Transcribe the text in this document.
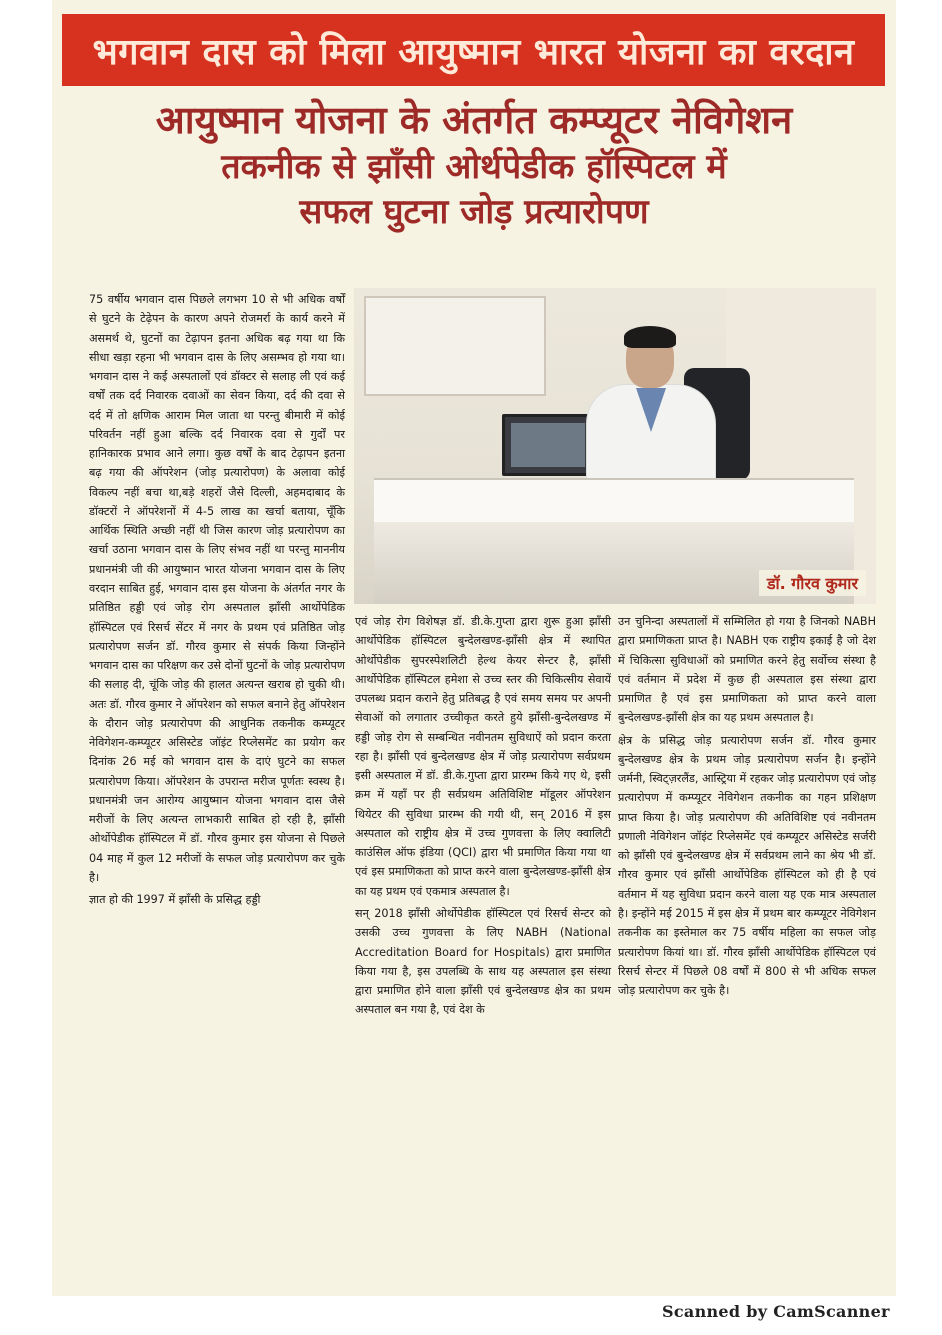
भगवान दास को मिला आयुष्मान भारत योजना का वरदान
आयुष्मान योजना के अंतर्गत कम्प्यूटर नेविगेशन
तकनीक से झाँसी ओर्थपेडीक हॉस्पिटल में
सफल घुटना जोड़ प्रत्यारोपण
डॉ. गौरव कुमार

75 वर्षीय भगवान दास पिछले लगभग 10 से भी अधिक वर्षों से घुटने के टेढ़ेपन के कारण अपने रोजमर्रा के कार्य करने में असमर्थ थे, घुटनों का टेढ़ापन इतना अधिक बढ़ गया था कि सीधा खड़ा रहना भी भगवान दास के लिए असम्भव हो गया था। भगवान दास ने कई अस्पतालों एवं डॉक्टर से सलाह ली एवं कई वर्षों तक दर्द निवारक दवाओं का सेवन किया, दर्द की दवा से दर्द में तो क्षणिक आराम मिल जाता था परन्तु बीमारी में कोई परिवर्तन नहीं हुआ बल्कि दर्द निवारक दवा से गुर्दों पर हानिकारक प्रभाव आने लगा। कुछ वर्षों के बाद टेढ़ापन इतना बढ़ गया की ऑपरेशन (जोड़ प्रत्यारोपण) के अलावा कोई विकल्प नहीं बचा था,बड़े शहरों जैसे दिल्ली, अहमदाबाद के डॉक्टरों ने ऑपरेशनों में 4-5 लाख का खर्चा बताया, चूँकि आर्थिक स्थिति अच्छी नहीं थी जिस कारण जोड़ प्रत्यारोपण का खर्चा उठाना भगवान दास के लिए संभव नहीं था परन्तु माननीय प्रधानमंत्री जी की आयुष्मान भारत योजना भगवान दास के लिए वरदान साबित हुई, भगवान दास इस योजना के अंतर्गत नगर के प्रतिष्ठित हड्डी एवं जोड़ रोग अस्पताल झाँसी आर्थोपेडिक हॉस्पिटल एवं रिसर्च सेंटर में नगर के प्रथम एवं प्रतिष्ठित जोड़ प्रत्यारोपण सर्जन डॉ. गौरव कुमार से संपर्क किया जिन्होंने भगवान दास का परिक्षण कर उसे दोनों घुटनों के जोड़ प्रत्यारोपण की सलाह दी, चूंकि जोड़ की हालत अत्यन्त खराब हो चुकी थी।अतः डॉ. गौरव कुमार ने ऑपरेशन को सफल बनाने हेतु ऑपरेशन के दौरान जोड़ प्रत्यारोपण की आधुनिक तकनीक कम्प्यूटर नेविगेशन-कम्प्यूटर असिस्टेड जॉइंट रिप्लेसमेंट का प्रयोग कर दिनांक 26 मई को भगवान दास के दाएं घुटने का सफल प्रत्यारोपण किया। ऑपरेशन के उपरान्त मरीज पूर्णतः स्वस्थ है। प्रधानमंत्री जन आरोग्य आयुष्मान योजना भगवान दास जैसे मरीजों के लिए अत्यन्त लाभकारी साबित हो रही है, झाँसी ओर्थोपेडीक हॉस्पिटल में डॉ. गौरव कुमार इस योजना से पिछले 04 माह में कुल 12 मरीजों के सफल जोड़ प्रत्यारोपण कर चुके है।

ज्ञात हो की 1997 में झाँसी के प्रसिद्ध हड्डी

एवं जोड़ रोग विशेषज्ञ डॉ. डी.के.गुप्ता द्वारा शुरू हुआ झाँसी आर्थोपेडिक हॉस्पिटल बुन्देलखण्ड-झाँसी क्षेत्र में स्थापित ओर्थोपेडीक सुपरस्पेशलिटी हेल्थ केयर सेन्टर है, झाँसी आर्थोपेडिक हॉस्पिटल हमेशा से उच्च स्तर की चिकित्सीय सेवायें उपलब्ध प्रदान कराने हेतु प्रतिबद्ध है एवं समय समय पर अपनी सेवाओं को लगातार उच्चीकृत करते हुये झाँसी-बुन्देलखण्ड में हड्डी जोड़ रोग से सम्बन्धित नवीनतम सुविधाऐं को प्रदान करता रहा है। झाँसी एवं बुन्देलखण्ड क्षेत्र में जोड़ प्रत्यारोपण सर्वप्रथम इसी अस्पताल में डॉ. डी.के.गुप्ता द्वारा प्रारम्भ किये गए थे, इसी क्रम में यहाँ पर ही सर्वप्रथम अतिविशिष्ट मॉडूलर ऑपरेशन थियेटर की सुविधा प्रारम्भ की गयी थी, सन् 2016 में इस अस्पताल को राष्ट्रीय क्षेत्र में उच्च गुणवत्ता के लिए क्वालिटी काउंसिल ऑफ इंडिया (QCI) द्वारा भी प्रमाणित किया गया था एवं इस प्रमाणिकता को प्राप्त करने वाला बुन्देलखण्ड-झाँसी क्षेत्र का यह प्रथम एवं एकमात्र अस्पताल है।

सन् 2018 झाँसी ओर्थोपेडीक हॉस्पिटल एवं रिसर्च सेन्टर को उसकी उच्च गुणवत्ता के लिए NABH (National Accreditation Board for Hospitals) द्वारा प्रमाणित किया गया है, इस उपलब्धि के साथ यह अस्पताल इस संस्था द्वारा प्रमाणित होने वाला झाँसी एवं बुन्देलखण्ड क्षेत्र का प्रथम अस्पताल बन गया है, एवं देश के

उन चुनिन्दा अस्पतालों में सम्मिलित हो गया है जिनको NABH द्वारा प्रमाणिकता प्राप्त है। NABH एक राष्ट्रीय इकाई है जो देश में चिकित्सा सुविधाओं को प्रमाणित करने हेतु सर्वोच्च संस्था है एवं वर्तमान में प्रदेश में कुछ ही अस्पताल इस संस्था द्वारा प्रमाणित है एवं इस प्रमाणिकता को प्राप्त करने वाला बुन्देलखण्ड-झाँसी क्षेत्र का यह प्रथम अस्पताल है।

क्षेत्र के प्रसिद्ध जोड़ प्रत्यारोपण सर्जन डॉ. गौरव कुमार बुन्देलखण्ड क्षेत्र के प्रथम जोड़ प्रत्यारोपण सर्जन है। इन्होंने जर्मनी, स्विट्ज़रलैंड, आस्ट्रिया में रहकर जोड़ प्रत्यारोपण एवं जोड़ प्रत्यारोपण में कम्प्यूटर नेविगेशन तकनीक का गहन प्रशिक्षण प्राप्त किया है। जोड़ प्रत्यारोपण की अतिविशिष्ट एवं नवीनतम प्रणाली नेविगेशन जॉइंट रिप्लेसमेंट एवं कम्प्यूटर असिस्टेड सर्जरी को झाँसी एवं बुन्देलखण्ड क्षेत्र में सर्वप्रथम लाने का श्रेय भी डॉ. गौरव कुमार एवं झाँसी आर्थोपेडिक हॉस्पिटल को ही है एवं वर्तमान में यह सुविधा प्रदान करने वाला यह एक मात्र अस्पताल है। इन्होंने मई 2015 में इस क्षेत्र में प्रथम बार कम्प्यूटर नेविगेशन तकनीक का इस्तेमाल कर 75 वर्षीय महिला का सफल जोड़ प्रत्यारोपण कियां था। डॉ. गौरव झाँसी आर्थोपेडिक हॉस्पिटल एवं रिसर्च सेन्टर में पिछले 08 वर्षों में 800 से भी अधिक सफल जोड़ प्रत्यारोपण कर चुके है।

Scanned by CamScanner
